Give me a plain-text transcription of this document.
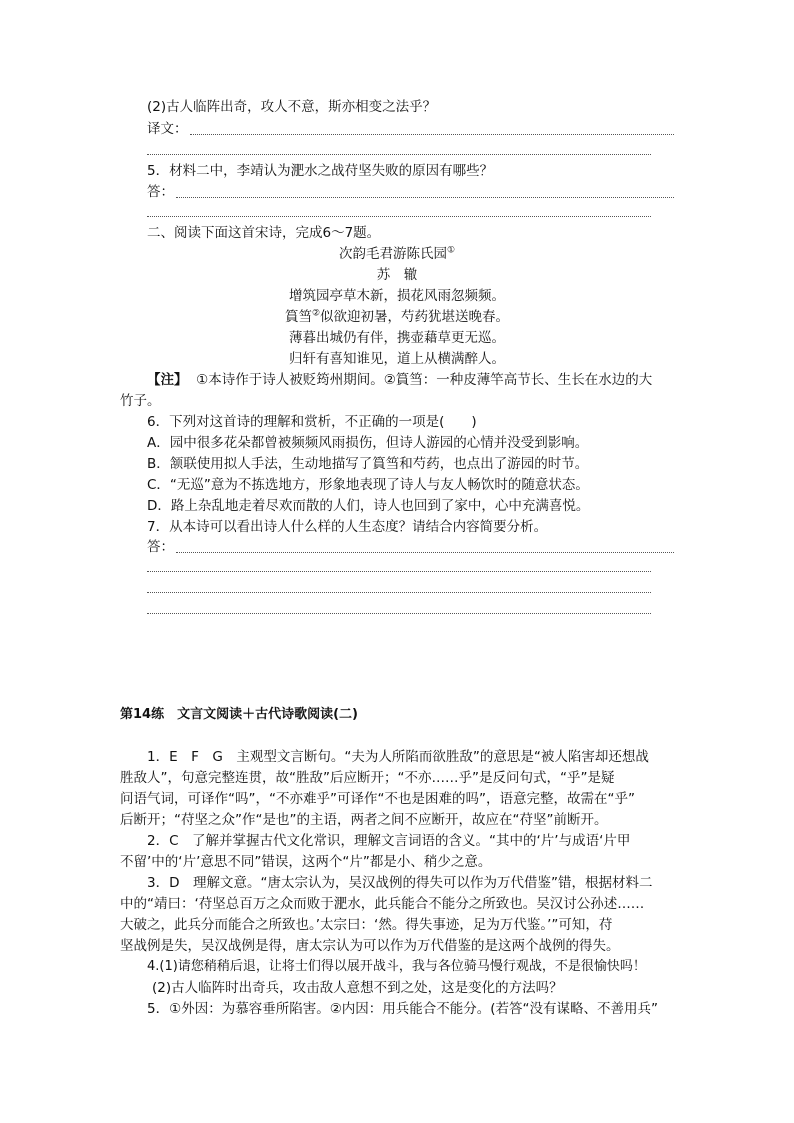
(2)古人临阵出奇，攻人不意，斯亦相变之法乎？
译文：
5．材料二中，李靖认为淝水之战苻坚失败的原因有哪些？
答：
二、阅读下面这首宋诗，完成6～7题。
次韵毛君游陈氏园①
苏　辙
增筑园亭草木新，损花风雨忽频频。
篔筜②似欲迎初暑，芍药犹堪送晚春。
薄暮出城仍有伴，携壶藉草更无巡。
归轩有喜知谁见，道上从横满醉人。
【注】 ①本诗作于诗人被贬筠州期间。②篔筜：一种皮薄竿高节长、生长在水边的大
竹子。
6．下列对这首诗的理解和赏析，不正确的一项是(　　)
A．园中很多花朵都曾被频频风雨损伤，但诗人游园的心情并没受到影响。
B．颔联使用拟人手法，生动地描写了篔筜和芍药，也点出了游园的时节。
C．“无巡”意为不拣选地方，形象地表现了诗人与友人畅饮时的随意状态。
D．路上杂乱地走着尽欢而散的人们，诗人也回到了家中，心中充满喜悦。
7．从本诗可以看出诗人什么样的人生态度？请结合内容简要分析。
答：
第14练　文言文阅读＋古代诗歌阅读(二)
1．E　F　G　主观型文言断句。“夫为人所陷而欲胜敌”的意思是“被人陷害却还想战
胜敌人”，句意完整连贯，故“胜敌”后应断开；“不亦……乎”是反问句式，“乎”是疑
问语气词，可译作“吗”，“不亦难乎”可译作“不也是困难的吗”，语意完整，故需在“乎”
后断开；“苻坚之众”作“是也”的主语，两者之间不应断开，故应在“苻坚”前断开。
2．C　了解并掌握古代文化常识，理解文言词语的含义。“其中的‘片’与成语‘片甲
不留’中的‘片’意思不同”错误，这两个“片”都是小、稍少之意。
3．D　理解文意。“唐太宗认为，吴汉战例的得失可以作为万代借鉴”错，根据材料二
中的“靖曰：‘苻坚总百万之众而败于淝水，此兵能合不能分之所致也。吴汉讨公孙述……
大破之，此兵分而能合之所致也。’太宗曰：‘然。得失事迹，足为万代鉴。’”可知，苻
坚战例是失，吴汉战例是得，唐太宗认为可以作为万代借鉴的是这两个战例的得失。
4.(1)请您稍稍后退，让将士们得以展开战斗，我与各位骑马慢行观战，不是很愉快吗！
(2)古人临阵时出奇兵，攻击敌人意想不到之处，这是变化的方法吗？
5．①外因：为慕容垂所陷害。②内因：用兵能合不能分。(若答“没有谋略、不善用兵”
